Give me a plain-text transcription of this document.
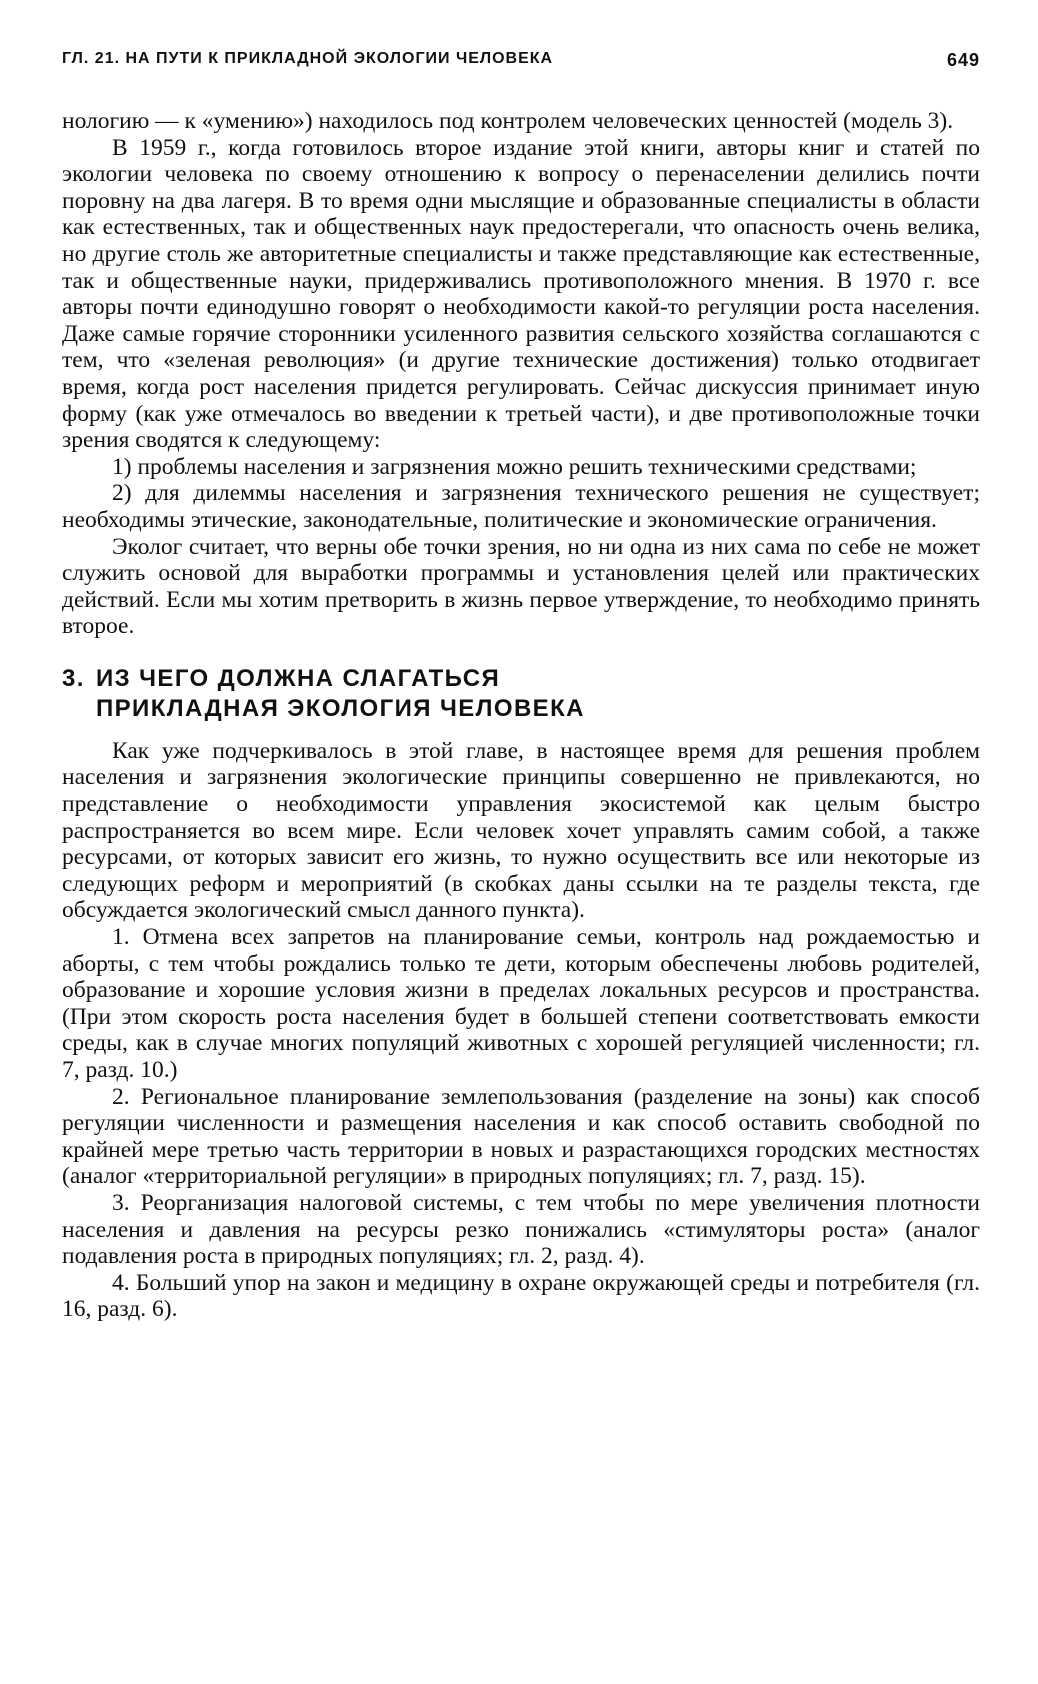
ГЛ. 21. НА ПУТИ К ПРИКЛАДНОЙ ЭКОЛОГИИ ЧЕЛОВЕКА	649

нологию — к «умению») находилось под контролем человеческих ценностей (модель 3).

В 1959 г., когда готовилось второе издание этой книги, авторы книг и статей по экологии человека по своему отношению к вопросу о перенаселении делились почти поровну на два лагеря. В то время одни мыслящие и образованные специалисты в области как естественных, так и общественных наук предостерегали, что опасность очень велика, но другие столь же авторитетные специалисты и также представляющие как естественные, так и общественные науки, придерживались противоположного мнения. В 1970 г. все авторы почти единодушно говорят о необходимости какой-то регуляции роста населения. Даже самые горячие сторонники усиленного развития сельского хозяйства соглашаются с тем, что «зеленая революция» (и другие технические достижения) только отодвигает время, когда рост населения придется регулировать. Сейчас дискуссия принимает иную форму (как уже отмечалось во введении к третьей части), и две противоположные точки зрения сводятся к следующему:

1) проблемы населения и загрязнения можно решить техническими средствами;

2) для дилеммы населения и загрязнения технического решения не существует; необходимы этические, законодательные, политические и экономические ограничения.

Эколог считает, что верны обе точки зрения, но ни одна из них сама по себе не может служить основой для выработки программы и установления целей или практических действий. Если мы хотим претворить в жизнь первое утверждение, то необходимо принять второе.

3. ИЗ ЧЕГО ДОЛЖНА СЛАГАТЬСЯ
ПРИКЛАДНАЯ ЭКОЛОГИЯ ЧЕЛОВЕКА

Как уже подчеркивалось в этой главе, в настоящее время для решения проблем населения и загрязнения экологические принципы совершенно не привлекаются, но представление о необходимости управления экосистемой как целым быстро распространяется во всем мире. Если человек хочет управлять самим собой, а также ресурсами, от которых зависит его жизнь, то нужно осуществить все или некоторые из следующих реформ и мероприятий (в скобках даны ссылки на те разделы текста, где обсуждается экологический смысл данного пункта).

1. Отмена всех запретов на планирование семьи, контроль над рождаемостью и аборты, с тем чтобы рождались только те дети, которым обеспечены любовь родителей, образование и хорошие условия жизни в пределах локальных ресурсов и пространства. (При этом скорость роста населения будет в большей степени соответствовать емкости среды, как в случае многих популяций животных с хорошей регуляцией численности; гл. 7, разд. 10.)

2. Региональное планирование землепользования (разделение на зоны) как способ регуляции численности и размещения населения и как способ оставить свободной по крайней мере третью часть территории в новых и разрастающихся городских местностях (аналог «территориальной регуляции» в природных популяциях; гл. 7, разд. 15).

3. Реорганизация налоговой системы, с тем чтобы по мере увеличения плотности населения и давления на ресурсы резко понижались «стимуляторы роста» (аналог подавления роста в природных популяциях; гл. 2, разд. 4).

4. Больший упор на закон и медицину в охране окружающей среды и потребителя (гл. 16, разд. 6).
